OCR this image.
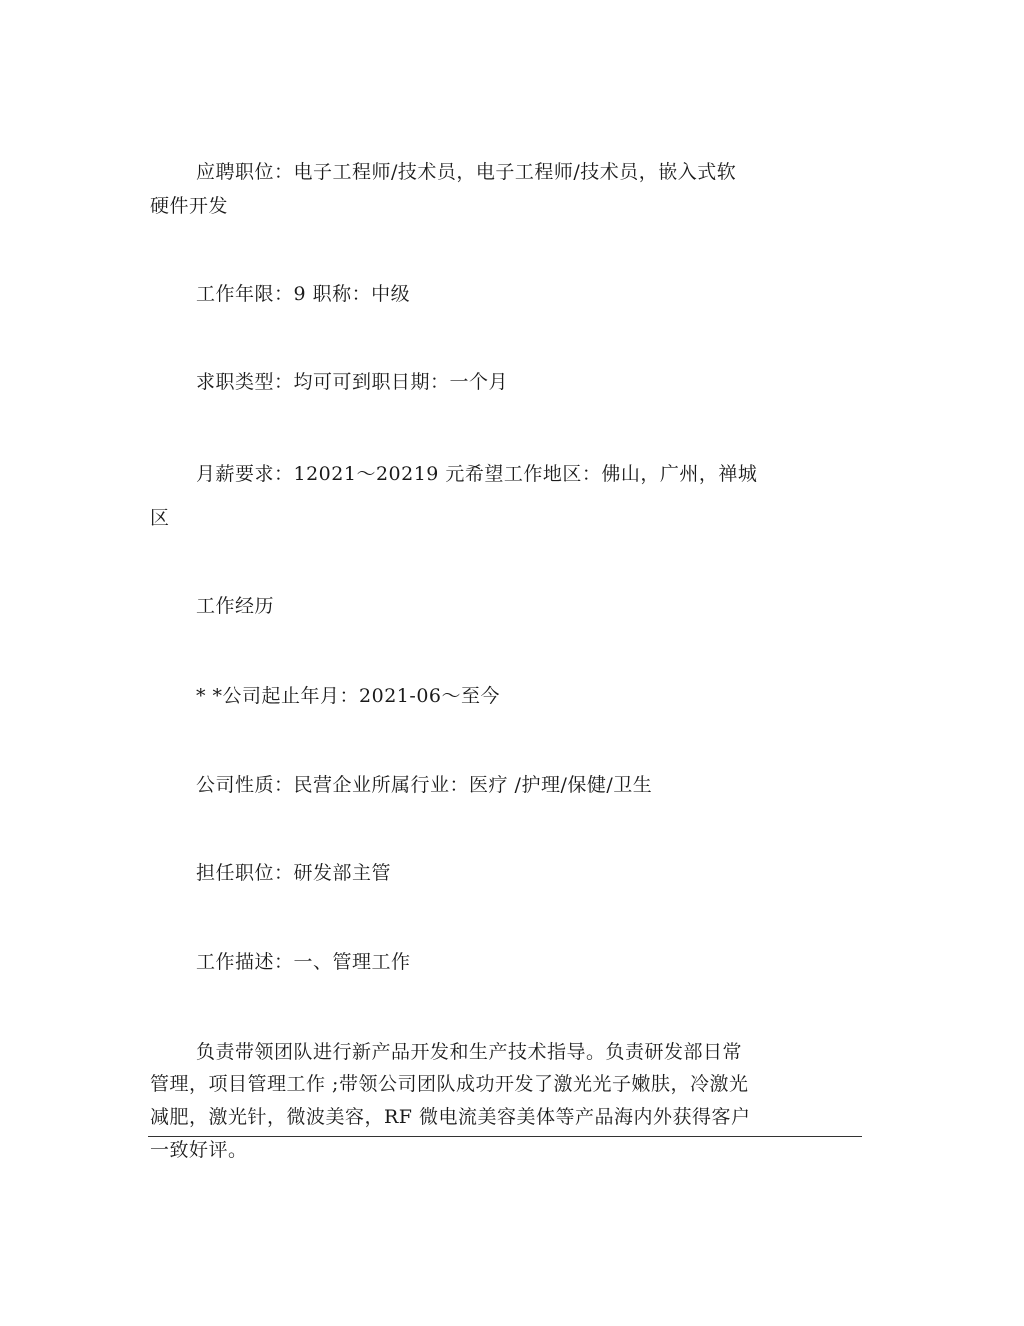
应聘职位：电子工程师/技术员，电子工程师/技术员，嵌入式软
硬件开发
工作年限：9 职称：中级
求职类型：均可可到职日期：一个月
月薪要求：12021～20219 元希望工作地区：佛山，广州，禅城
区
工作经历
* *公司起止年月：2021-06～至今
公司性质：民营企业所属行业：医疗 /护理/保健/卫生
担任职位：研发部主管
工作描述：一、管理工作
负责带领团队进行新产品开发和生产技术指导。负责研发部日常
管理，项目管理工作 ;带领公司团队成功开发了激光光子嫩肤，冷激光
减肥，激光针，微波美容，RF 微电流美容美体等产品海内外获得客户
一致好评。
